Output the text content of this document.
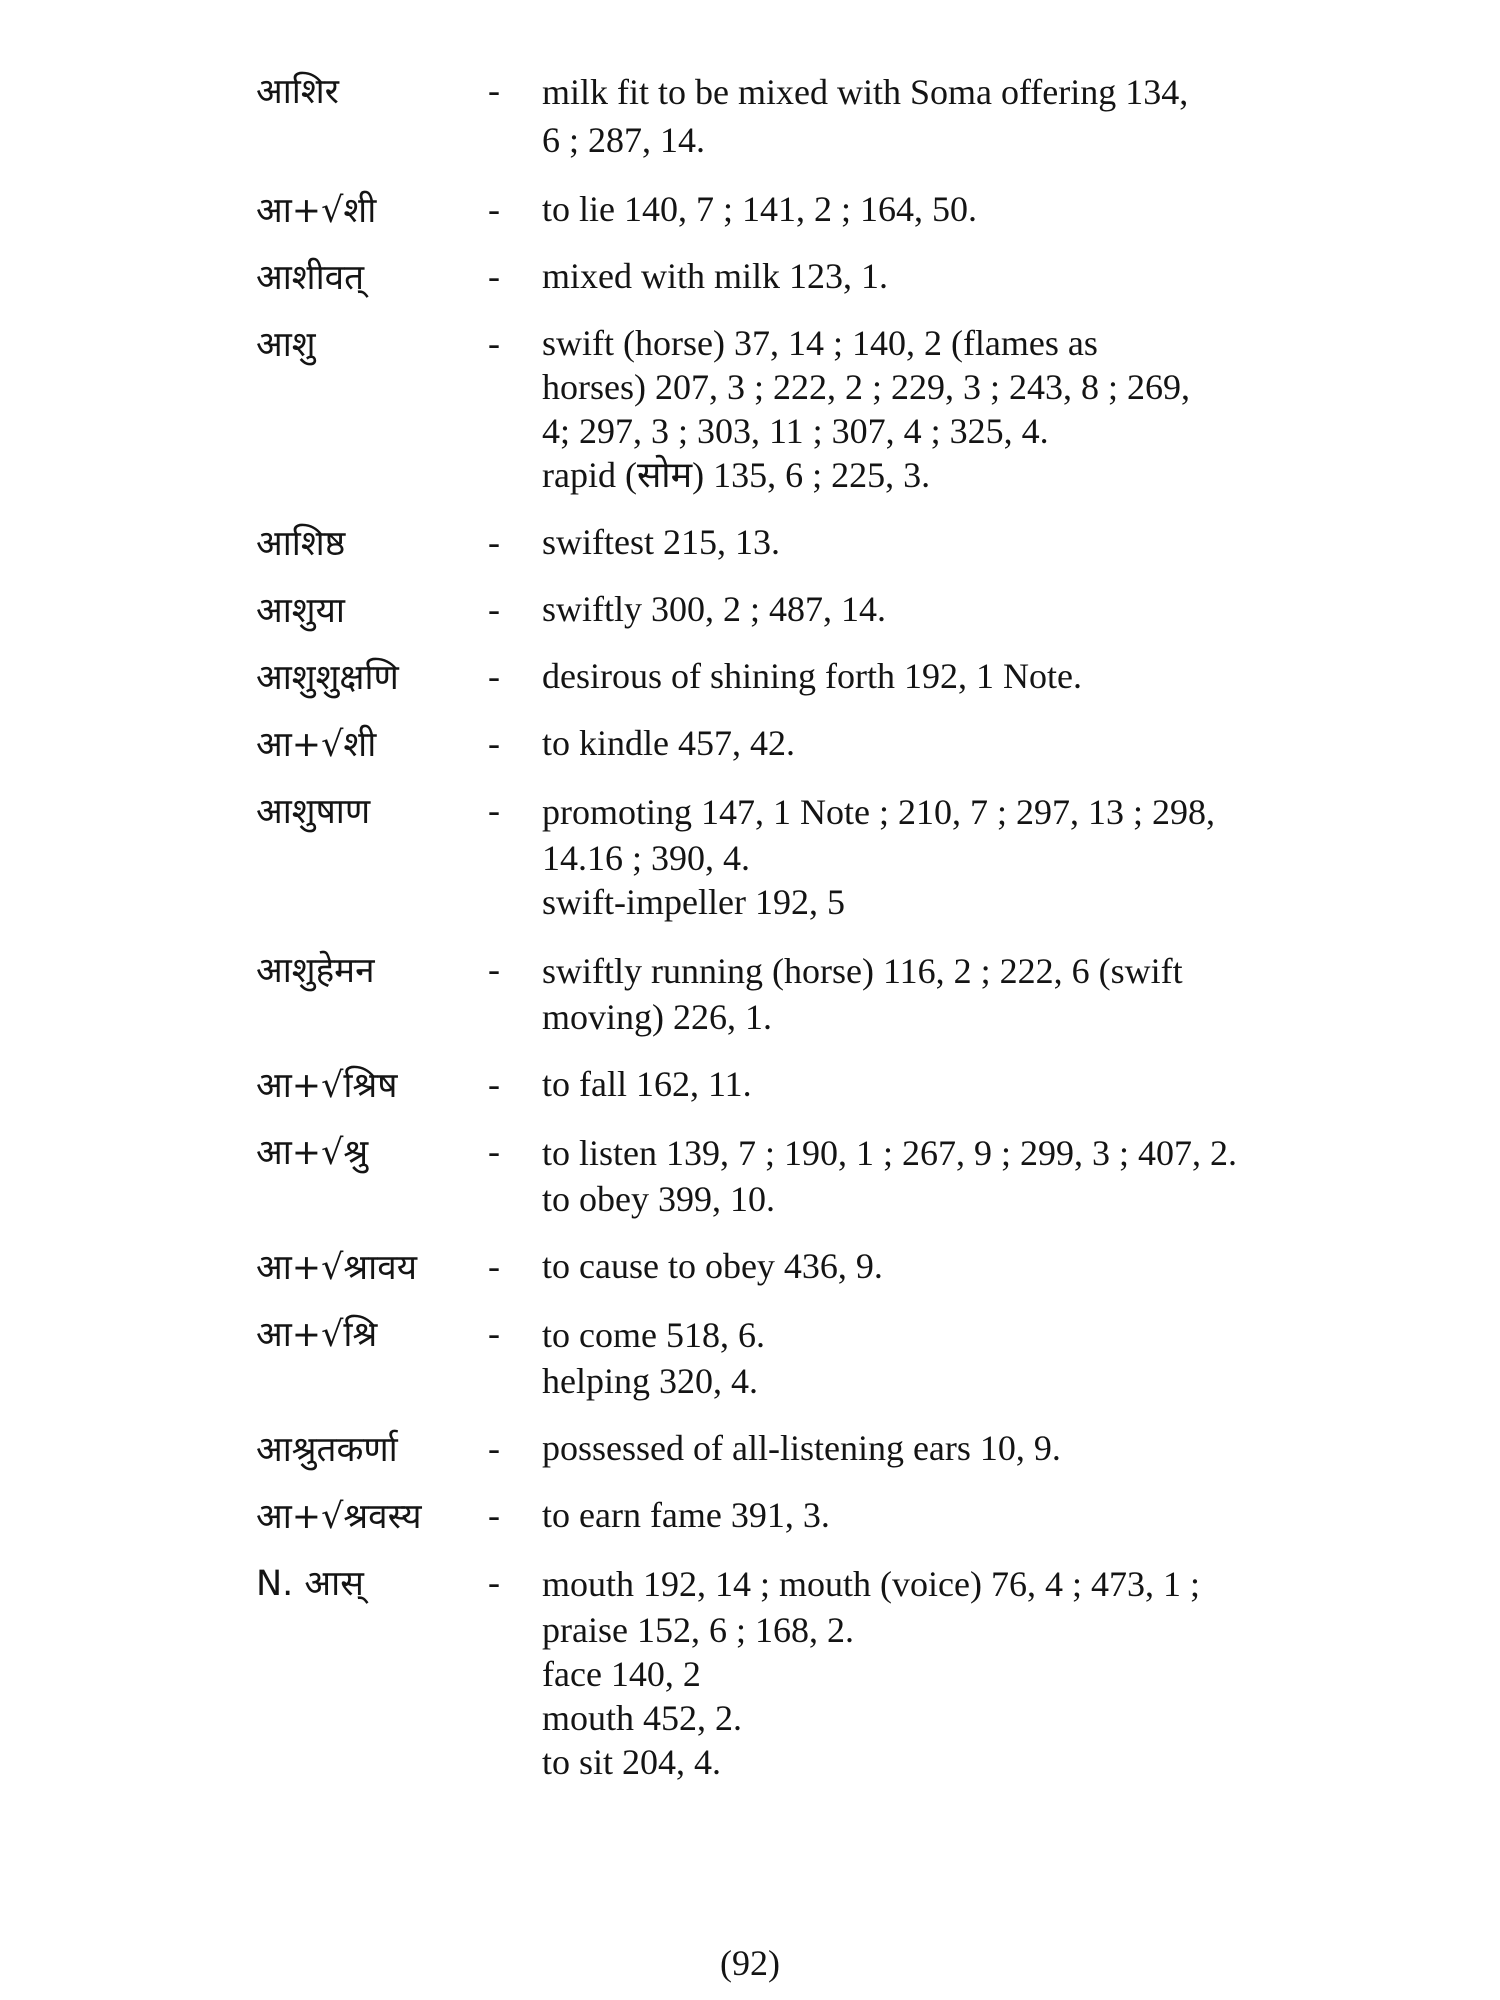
आशिर	- milk fit to be mixed with Soma offering 134,
6 ; 287, 14.
आ+√शी	- to lie 140, 7 ; 141, 2 ; 164, 50.
आशीवत्	- mixed with milk 123, 1.
आशु	- swift (horse) 37, 14 ; 140, 2 (flames as
horses) 207, 3 ; 222, 2 ; 229, 3 ; 243, 8 ; 269,
4; 297, 3 ; 303, 11 ; 307, 4 ; 325, 4.
rapid (सोम) 135, 6 ; 225, 3.
आशिष्ठ	- swiftest 215, 13.
आशुया	- swiftly 300, 2 ; 487, 14.
आशुशुक्षणि - desirous of shining forth 192, 1 Note.
आ+√शी	- to kindle 457, 42.
आशुषाण	- promoting 147, 1 Note ; 210, 7 ; 297, 13 ; 298,
14.16 ; 390, 4.
swift-impeller 192, 5
आशुहेमन	- swiftly running (horse) 116, 2 ; 222, 6 (swift
moving) 226, 1.
आ+√श्रिष	- to fall 162, 11.
आ+√श्रु	- to listen 139, 7 ; 190, 1 ; 267, 9 ; 299, 3 ; 407, 2.
to obey 399, 10.
आ+√श्रावय - to cause to obey 436, 9.
आ+√श्रि	- to come 518, 6.
helping 320, 4.
आश्रुतकर्णा	- possessed of all-listening ears 10, 9.
आ+√श्रवस्य - to earn fame 391, 3.
N. आस्	- mouth 192, 14 ; mouth (voice) 76, 4 ; 473, 1 ;
praise 152, 6 ; 168, 2.
face 140, 2
mouth 452, 2.
to sit 204, 4.
(92)
